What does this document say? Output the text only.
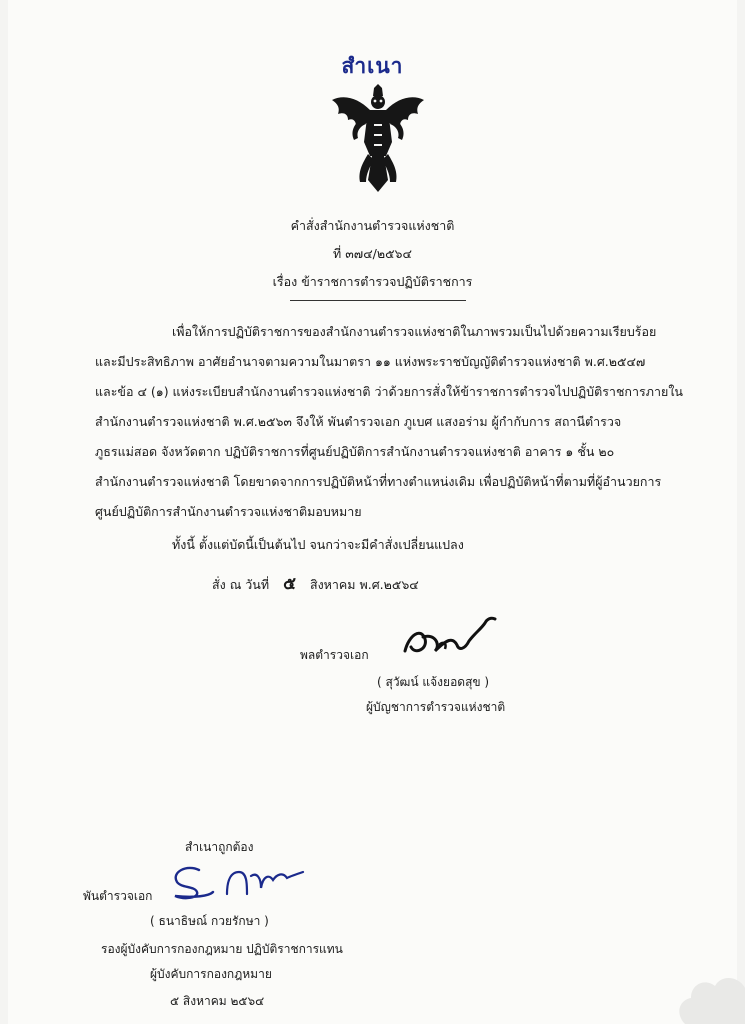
สำเนา
คำสั่งสำนักงานตำรวจแห่งชาติ
ที่ ๓๗๔/๒๕๖๔
เรื่อง ข้าราชการตำรวจปฏิบัติราชการ
เพื่อให้การปฏิบัติราชการของสำนักงานตำรวจแห่งชาติในภาพรวมเป็นไปด้วยความเรียบร้อย
และมีประสิทธิภาพ อาศัยอำนาจตามความในมาตรา ๑๑ แห่งพระราชบัญญัติตำรวจแห่งชาติ พ.ศ.๒๕๔๗
และข้อ ๔ (๑) แห่งระเบียบสำนักงานตำรวจแห่งชาติ ว่าด้วยการสั่งให้ข้าราชการตำรวจไปปฏิบัติราชการภายใน
สำนักงานตำรวจแห่งชาติ พ.ศ.๒๕๖๓ จึงให้ พันตำรวจเอก ภูเบศ แสงอร่าม ผู้กำกับการ สถานีตำรวจ
ภูธรแม่สอด จังหวัดตาก ปฏิบัติราชการที่ศูนย์ปฏิบัติการสำนักงานตำรวจแห่งชาติ อาคาร ๑ ชั้น ๒๐
สำนักงานตำรวจแห่งชาติ โดยขาดจากการปฏิบัติหน้าที่ทางตำแหน่งเดิม เพื่อปฏิบัติหน้าที่ตามที่ผู้อำนวยการ
ศูนย์ปฏิบัติการสำนักงานตำรวจแห่งชาติมอบหมาย
ทั้งนี้ ตั้งแต่บัดนี้เป็นต้นไป จนกว่าจะมีคำสั่งเปลี่ยนแปลง
สั่ง ณ วันที่ ๕ สิงหาคม พ.ศ.๒๕๖๔
พลตำรวจเอก
( สุวัฒน์ แจ้งยอดสุข )
ผู้บัญชาการตำรวจแห่งชาติ
สำเนาถูกต้อง
พันตำรวจเอก
( ธนาธิษณ์ กวยรักษา )
รองผู้บังคับการกองกฎหมาย ปฏิบัติราชการแทน
ผู้บังคับการกองกฎหมาย
๕ สิงหาคม ๒๕๖๔
